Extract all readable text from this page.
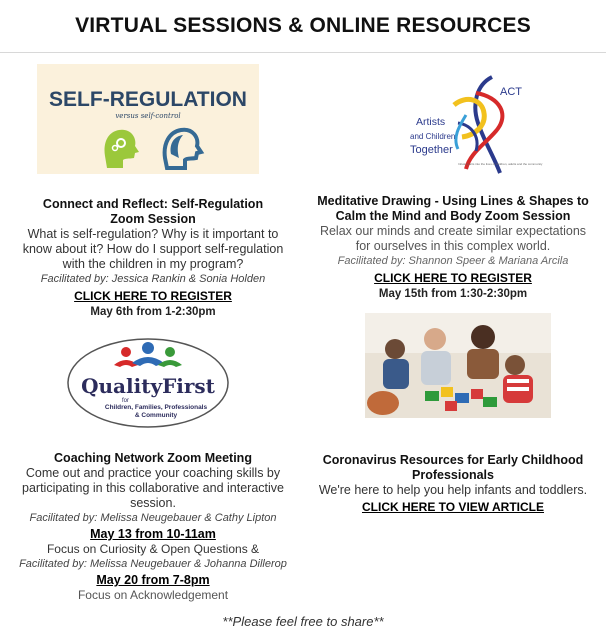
VIRTUAL SESSIONS & ONLINE RESOURCES
SELF-REGULATION
versus self-control
ACT
Artists
and Children
Together
Infusing arts into the lives of children, adults and the community
QualityFirst
for
Children, Families, Professionals
& Community
Connect and Reflect: Self-Regulation
Zoom Session
What is self-regulation? Why is it important to know about it? How do I support self-regulation with the children in my program?
Facilitated by: Jessica Rankin & Sonia Holden
CLICK HERE TO REGISTER
May 6th from 1-2:30pm
Meditative Drawing - Using Lines & Shapes to Calm the Mind and Body Zoom Session
Relax our minds and create similar expectations for ourselves in this complex world.
Facilitated by: Shannon Speer & Mariana Arcila
CLICK HERE TO REGISTER
May 15th from 1:30-2:30pm
Coaching Network Zoom Meeting
Come out and practice your coaching skills by participating in this collaborative and interactive session.
Facilitated by: Melissa Neugebauer & Cathy Lipton
May 13 from 10-11am
Focus on Curiosity & Open Questions &
Facilitated by: Melissa Neugebauer & Johanna Dillerop
May 20 from 7-8pm
Focus on Acknowledgement
Coronavirus Resources for Early Childhood Professionals
We're here to help you help infants and toddlers.
CLICK HERE TO VIEW ARTICLE
**Please feel free to share**
